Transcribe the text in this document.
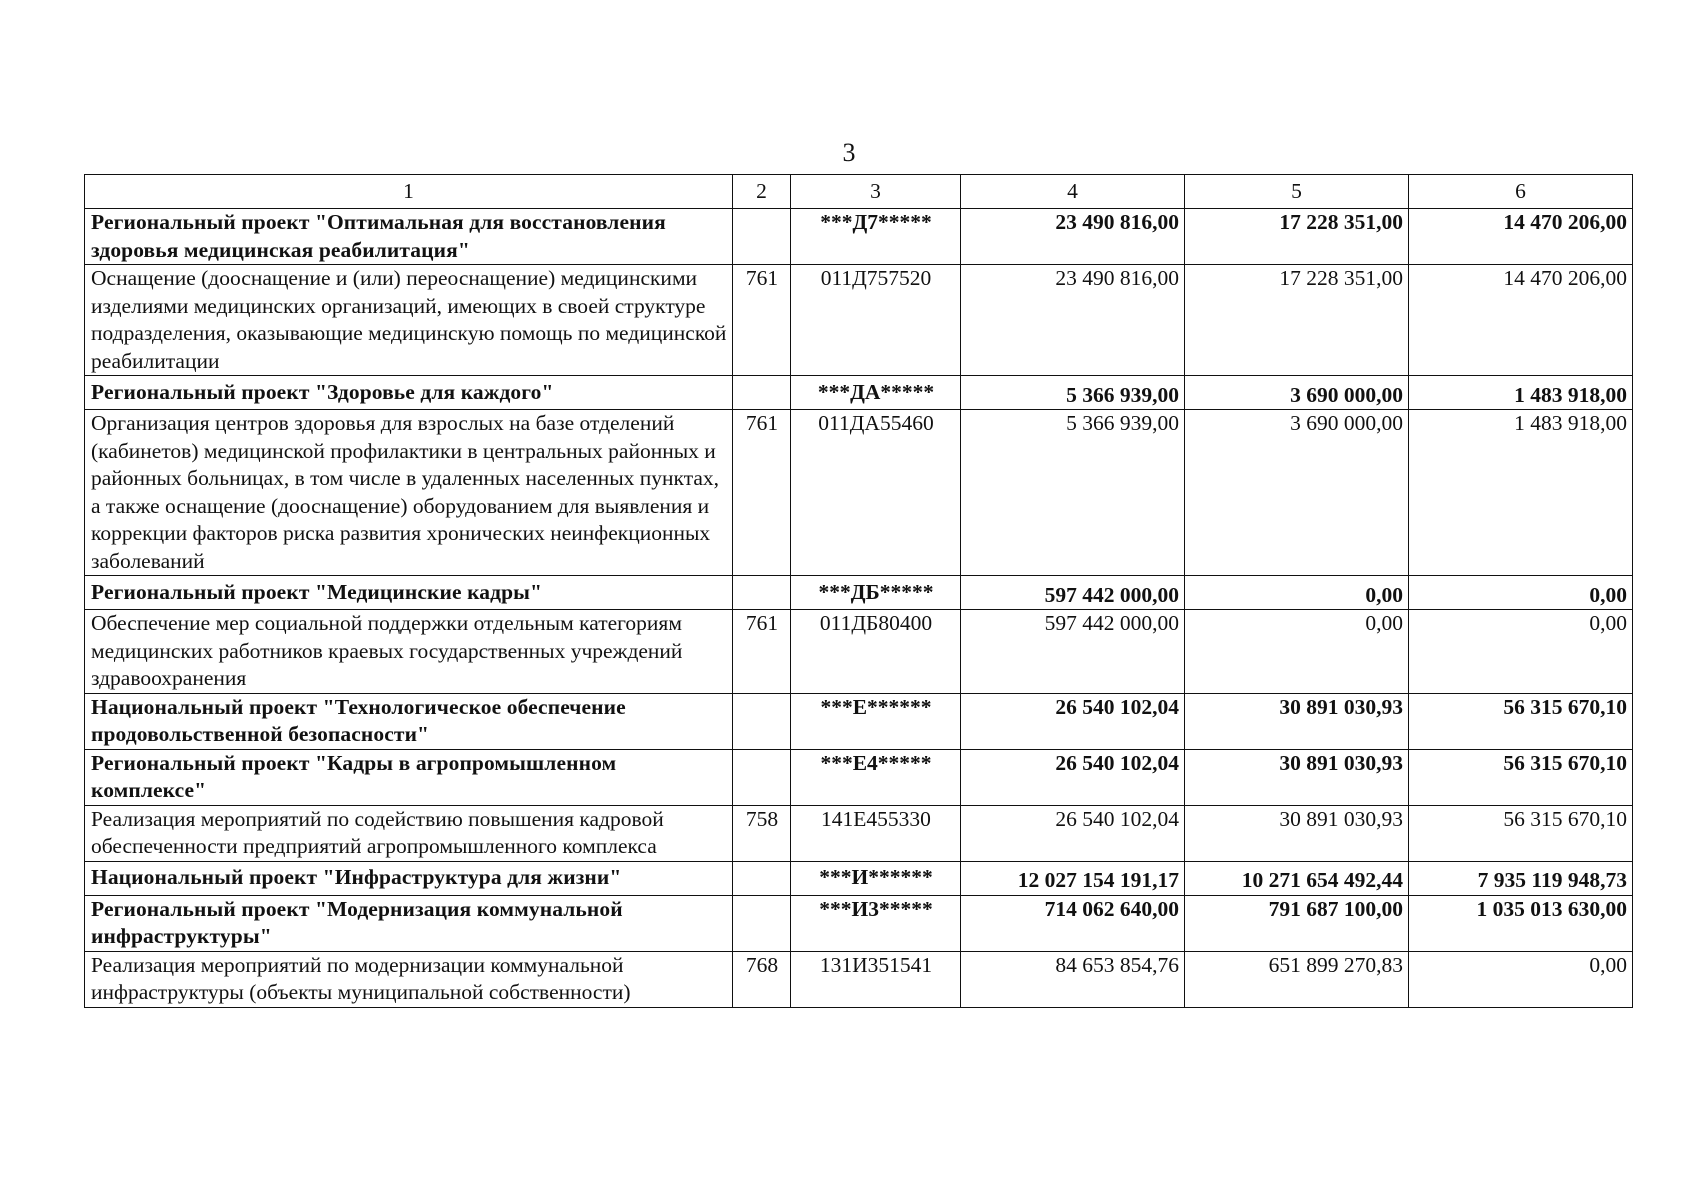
3
1	2	3	4	5	6
Региональный проект "Оптимальная для восстановления здоровья медицинская реабилитация"		***Д7*****	23 490 816,00	17 228 351,00	14 470 206,00
Оснащение (дооснащение и (или) переоснащение) медицинскими изделиями медицинских организаций, имеющих в своей структуре подразделения, оказывающие медицинскую помощь по медицинской реабилитации	761	011Д757520	23 490 816,00	17 228 351,00	14 470 206,00
Региональный проект "Здоровье для каждого"		***ДА*****	5 366 939,00	3 690 000,00	1 483 918,00
Организация центров здоровья для взрослых на базе отделений (кабинетов) медицинской профилактики в центральных районных и районных больницах, в том числе в удаленных населенных пунктах, а также оснащение (дооснащение) оборудованием для выявления и коррекции факторов риска развития хронических неинфекционных заболеваний	761	011ДА55460	5 366 939,00	3 690 000,00	1 483 918,00
Региональный проект "Медицинские кадры"		***ДБ*****	597 442 000,00	0,00	0,00
Обеспечение мер социальной поддержки отдельным категориям медицинских работников краевых государственных учреждений здравоохранения	761	011ДБ80400	597 442 000,00	0,00	0,00
Национальный проект "Технологическое обеспечение продовольственной безопасности"		***Е******	26 540 102,04	30 891 030,93	56 315 670,10
Региональный проект "Кадры в агропромышленном комплексе"		***Е4*****	26 540 102,04	30 891 030,93	56 315 670,10
Реализация мероприятий по содействию повышения кадровой обеспеченности предприятий агропромышленного комплекса	758	141Е455330	26 540 102,04	30 891 030,93	56 315 670,10
Национальный проект "Инфраструктура для жизни"		***И******	12 027 154 191,17	10 271 654 492,44	7 935 119 948,73
Региональный проект "Модернизация коммунальной инфраструктуры"		***И3*****	714 062 640,00	791 687 100,00	1 035 013 630,00
Реализация мероприятий по модернизации коммунальной инфраструктуры (объекты муниципальной собственности)	768	131И351541	84 653 854,76	651 899 270,83	0,00
